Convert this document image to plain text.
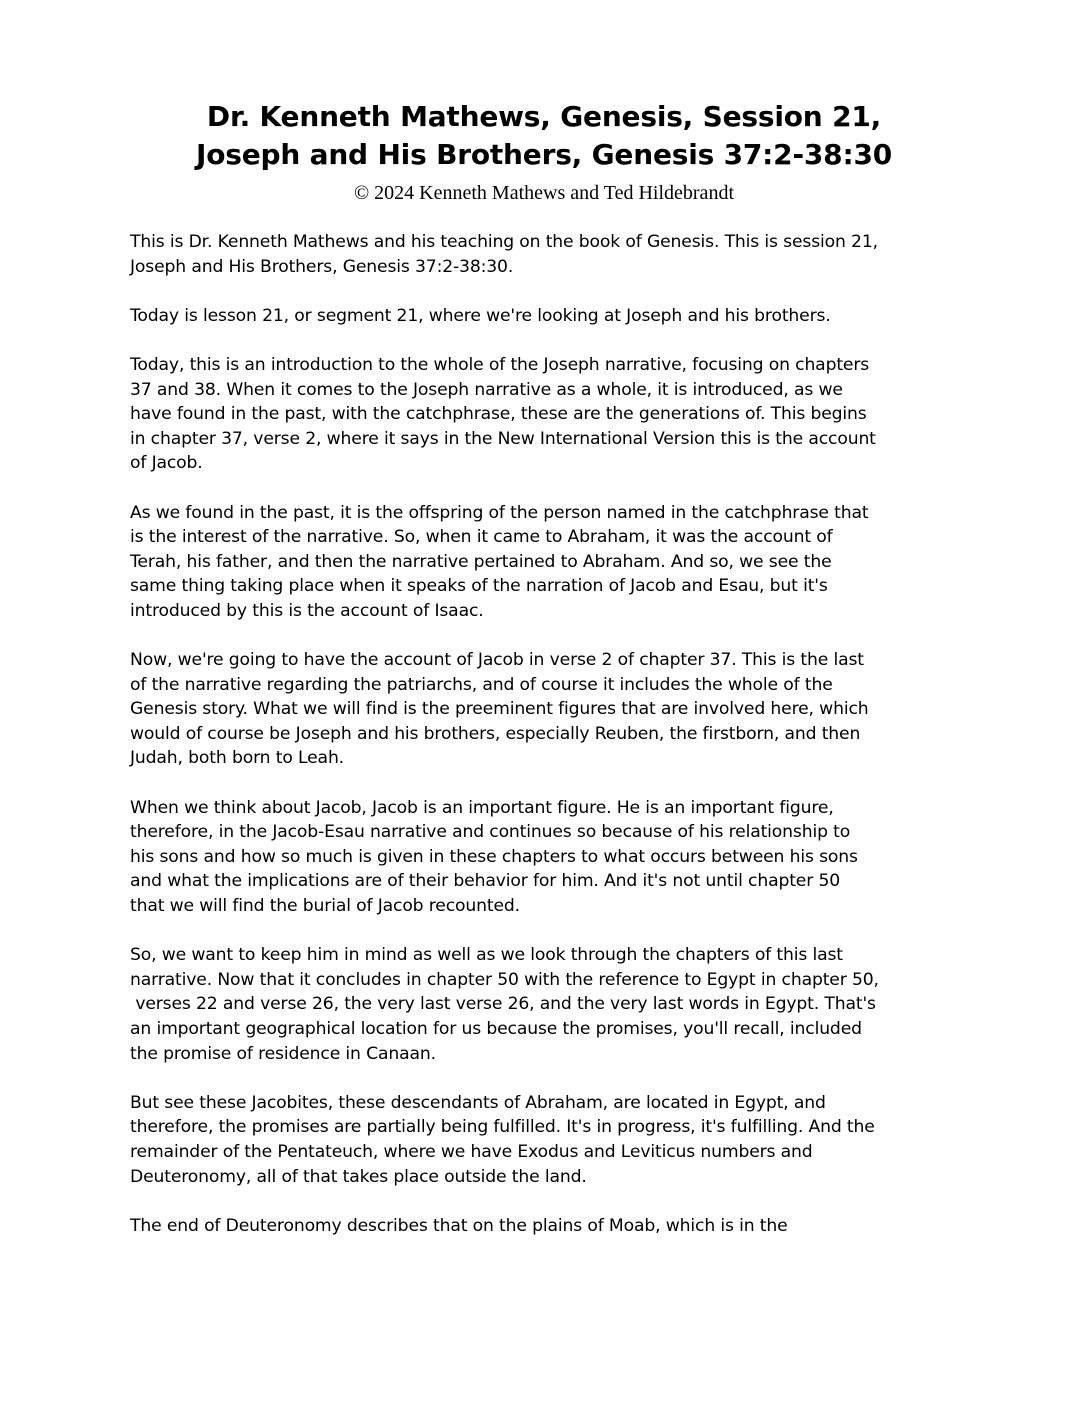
Dr. Kenneth Mathews, Genesis, Session 21,
Joseph and His Brothers, Genesis 37:2-38:30

© 2024 Kenneth Mathews and Ted Hildebrandt

This is Dr. Kenneth Mathews and his teaching on the book of Genesis. This is session 21,
Joseph and His Brothers, Genesis 37:2-38:30.

Today is lesson 21, or segment 21, where we're looking at Joseph and his brothers.

Today, this is an introduction to the whole of the Joseph narrative, focusing on chapters
37 and 38. When it comes to the Joseph narrative as a whole, it is introduced, as we
have found in the past, with the catchphrase, these are the generations of. This begins
in chapter 37, verse 2, where it says in the New International Version this is the account
of Jacob.

As we found in the past, it is the offspring of the person named in the catchphrase that
is the interest of the narrative. So, when it came to Abraham, it was the account of
Terah, his father, and then the narrative pertained to Abraham. And so, we see the
same thing taking place when it speaks of the narration of Jacob and Esau, but it's
introduced by this is the account of Isaac.

Now, we're going to have the account of Jacob in verse 2 of chapter 37. This is the last
of the narrative regarding the patriarchs, and of course it includes the whole of the
Genesis story. What we will find is the preeminent figures that are involved here, which
would of course be Joseph and his brothers, especially Reuben, the firstborn, and then
Judah, both born to Leah.

When we think about Jacob, Jacob is an important figure. He is an important figure,
therefore, in the Jacob-Esau narrative and continues so because of his relationship to
his sons and how so much is given in these chapters to what occurs between his sons
and what the implications are of their behavior for him. And it's not until chapter 50
that we will find the burial of Jacob recounted.

So, we want to keep him in mind as well as we look through the chapters of this last
narrative. Now that it concludes in chapter 50 with the reference to Egypt in chapter 50,
verses 22 and verse 26, the very last verse 26, and the very last words in Egypt. That's
an important geographical location for us because the promises, you'll recall, included
the promise of residence in Canaan.

But see these Jacobites, these descendants of Abraham, are located in Egypt, and
therefore, the promises are partially being fulfilled. It's in progress, it's fulfilling. And the
remainder of the Pentateuch, where we have Exodus and Leviticus numbers and
Deuteronomy, all of that takes place outside the land.

The end of Deuteronomy describes that on the plains of Moab, which is in the
